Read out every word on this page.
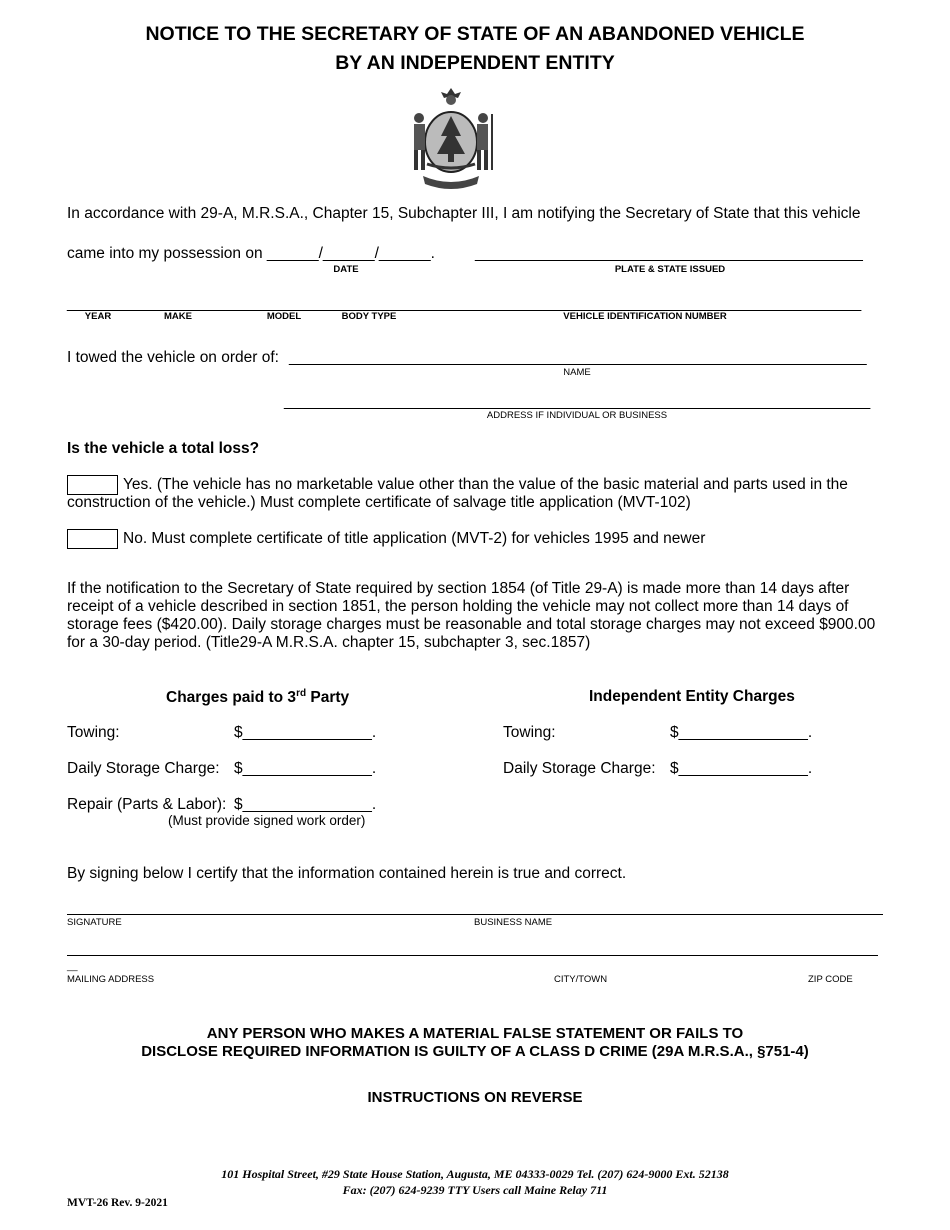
NOTICE TO THE SECRETARY OF STATE OF AN ABANDONED VEHICLE
BY AN INDEPENDENT ENTITY
In accordance with 29-A, M.R.S.A., Chapter 15, Subchapter III, I am notifying the Secretary of State that this vehicle
came into my possession on ______/______/______.	_____________________________________________
DATE	PLATE & STATE ISSUED
_________
____________
_____________
_________ ____________________________________________________
YEAR	MAKE	MODEL	BODY TYPE	VEHICLE IDENTIFICATION NUMBER
I towed the vehicle on order of: ___________________________________________________________________
NAME
____________________________________________________________________
ADDRESS IF INDIVIDUAL OR BUSINESS
Is the vehicle a total loss?
Yes. (The vehicle has no marketable value other than the value of the basic material and parts used in the
construction of the vehicle.) Must complete certificate of salvage title application (MVT-102)
No. Must complete certificate of title application (MVT-2) for vehicles 1995 and newer
If the notification to the Secretary of State required by section 1854 (of Title 29-A) is made more than 14 days after
receipt of a vehicle described in section 1851, the person holding the vehicle may not collect more than 14 days of
storage fees ($420.00). Daily storage charges must be reasonable and total storage charges may not exceed $900.00
for a 30-day period. (Title29-A M.R.S.A. chapter 15, subchapter 3, sec.1857)
Charges paid to 3rd Party
Towing:	$_______________.
Daily Storage Charge: $_______________.
Repair (Parts & Labor): $_______________.
(Must provide signed work order)
Independent Entity Charges
Towing:	$_______________.
Daily Storage Charge: $_______________.
By signing below I certify that the information contained herein is true and correct.
SIGNATURE	BUSINESS NAME
__
MAILING ADDRESS	CITY/TOWN	ZIP CODE
ANY PERSON WHO MAKES A MATERIAL FALSE STATEMENT OR FAILS TO
DISCLOSE REQUIRED INFORMATION IS GUILTY OF A CLASS D CRIME (29A M.R.S.A., §751-4)
INSTRUCTIONS ON REVERSE
101 Hospital Street, #29 State House Station, Augusta, ME 04333-0029 Tel. (207) 624-9000 Ext. 52138
Fax: (207) 624-9239 TTY Users call Maine Relay 711
MVT-26 Rev. 9-2021
